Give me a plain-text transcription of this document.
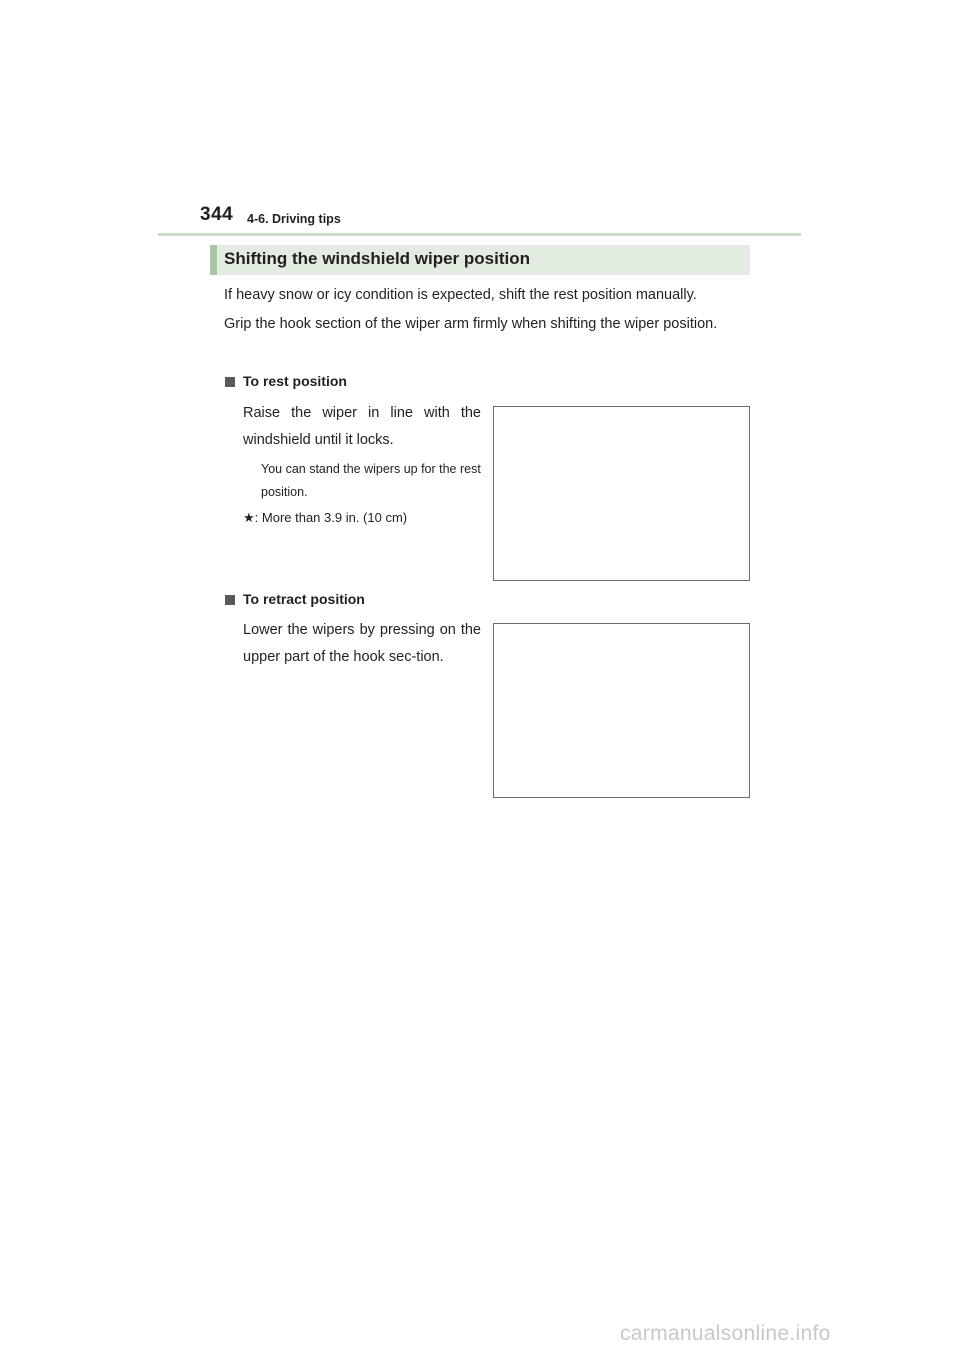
344 4-6. Driving tips
Shifting the windshield wiper position
If heavy snow or icy condition is expected, shift the rest position manually.
Grip the hook section of the wiper arm firmly when shifting the wiper position.
To rest position
Raise the wiper in line with the windshield until it locks.
You can stand the wipers up for the rest position.
★: More than 3.9 in. (10 cm)
To retract position
Lower the wipers by pressing on the upper part of the hook sec-tion.
carmanualsonline.info
